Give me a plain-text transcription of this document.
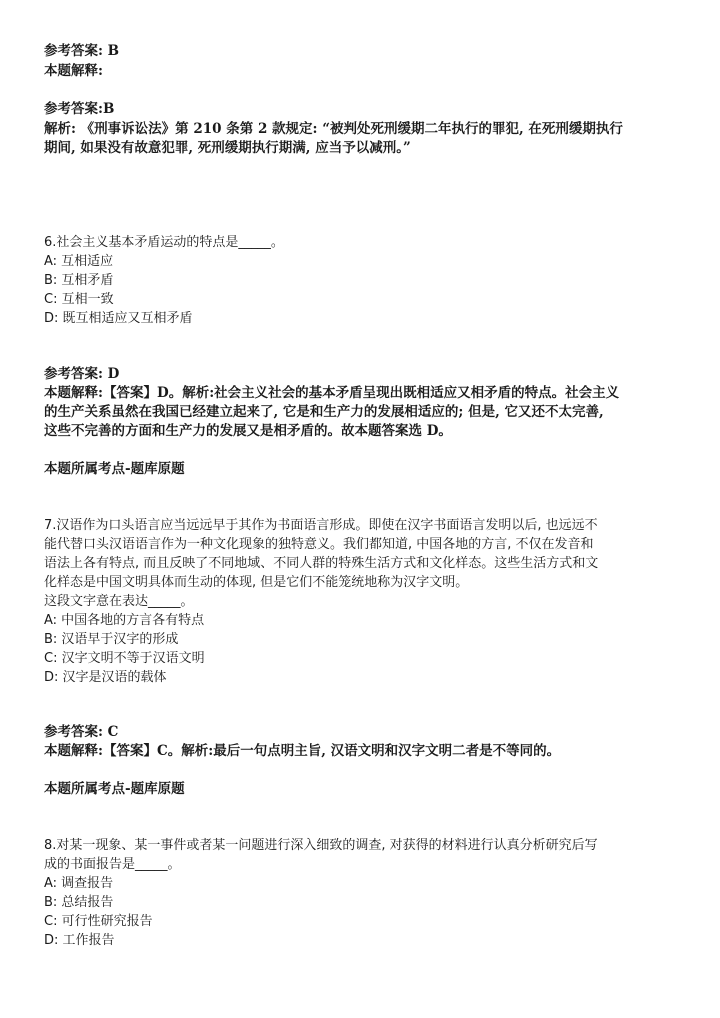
参考答案: B
本题解释:
参考答案:B
解析: 《刑事诉讼法》第 210 条第 2 款规定: “被判处死刑缓期二年执行的罪犯, 在死刑缓期执行
期间, 如果没有故意犯罪, 死刑缓期执行期满, 应当予以减刑。”
6.社会主义基本矛盾运动的特点是_____。
A: 互相适应
B: 互相矛盾
C: 互相一致
D: 既互相适应又互相矛盾
参考答案: D
本题解释:【答案】D。解析:社会主义社会的基本矛盾呈现出既相适应又相矛盾的特点。社会主义
的生产关系虽然在我国已经建立起来了, 它是和生产力的发展相适应的; 但是, 它又还不太完善,
这些不完善的方面和生产力的发展又是相矛盾的。故本题答案选 D。
本题所属考点-题库原题
7.汉语作为口头语言应当远远早于其作为书面语言形成。即使在汉字书面语言发明以后, 也远远不
能代替口头汉语语言作为一种文化现象的独特意义。我们都知道, 中国各地的方言, 不仅在发音和
语法上各有特点, 而且反映了不同地域、不同人群的特殊生活方式和文化样态。这些生活方式和文
化样态是中国文明具体而生动的体现, 但是它们不能笼统地称为汉字文明。
这段文字意在表达_____。
A: 中国各地的方言各有特点
B: 汉语早于汉字的形成
C: 汉字文明不等于汉语文明
D: 汉字是汉语的载体
参考答案: C
本题解释:【答案】C。解析:最后一句点明主旨, 汉语文明和汉字文明二者是不等同的。
本题所属考点-题库原题
8.对某一现象、某一事件或者某一问题进行深入细致的调查, 对获得的材料进行认真分析研究后写
成的书面报告是_____。
A: 调查报告
B: 总结报告
C: 可行性研究报告
D: 工作报告
